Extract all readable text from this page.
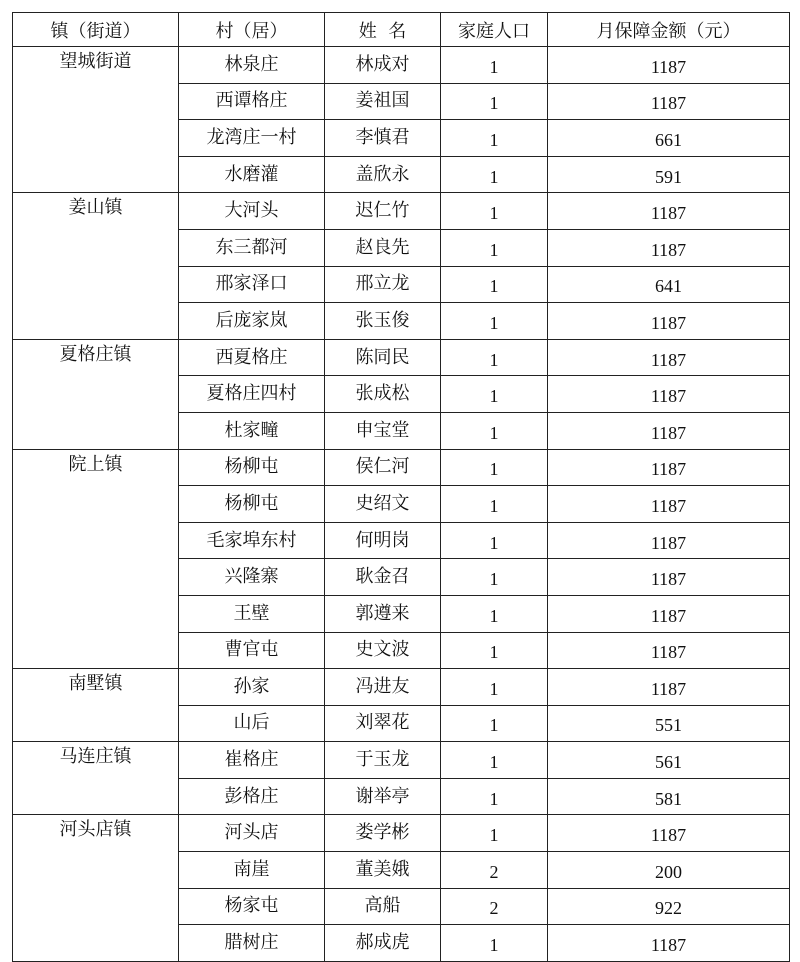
镇（街道）	村（居）	姓  名	家庭人口	月保障金额（元）
望城街道	林泉庄	林成对	1	1187
	西谭格庄	姜祖国	1	1187
	龙湾庄一村	李慎君	1	661
	水磨灌	盖欣永	1	591
姜山镇	大河头	迟仁竹	1	1187
	东三都河	赵良先	1	1187
	邢家泽口	邢立龙	1	641
	后庞家岚	张玉俊	1	1187
夏格庄镇	西夏格庄	陈同民	1	1187
	夏格庄四村	张成松	1	1187
	杜家疃	申宝堂	1	1187
院上镇	杨柳屯	侯仁河	1	1187
	杨柳屯	史绍文	1	1187
	毛家埠东村	何明岗	1	1187
	兴隆寨	耿金召	1	1187
	王壁	郭遵来	1	1187
	曹官屯	史文波	1	1187
南墅镇	孙家	冯进友	1	1187
	山后	刘翠花	1	551
马连庄镇	崔格庄	于玉龙	1	561
	彭格庄	谢举亭	1	581
河头店镇	河头店	娄学彬	1	1187
	南崖	董美娥	2	200
	杨家屯	高船	2	922
	腊树庄	郝成虎	1	1187
